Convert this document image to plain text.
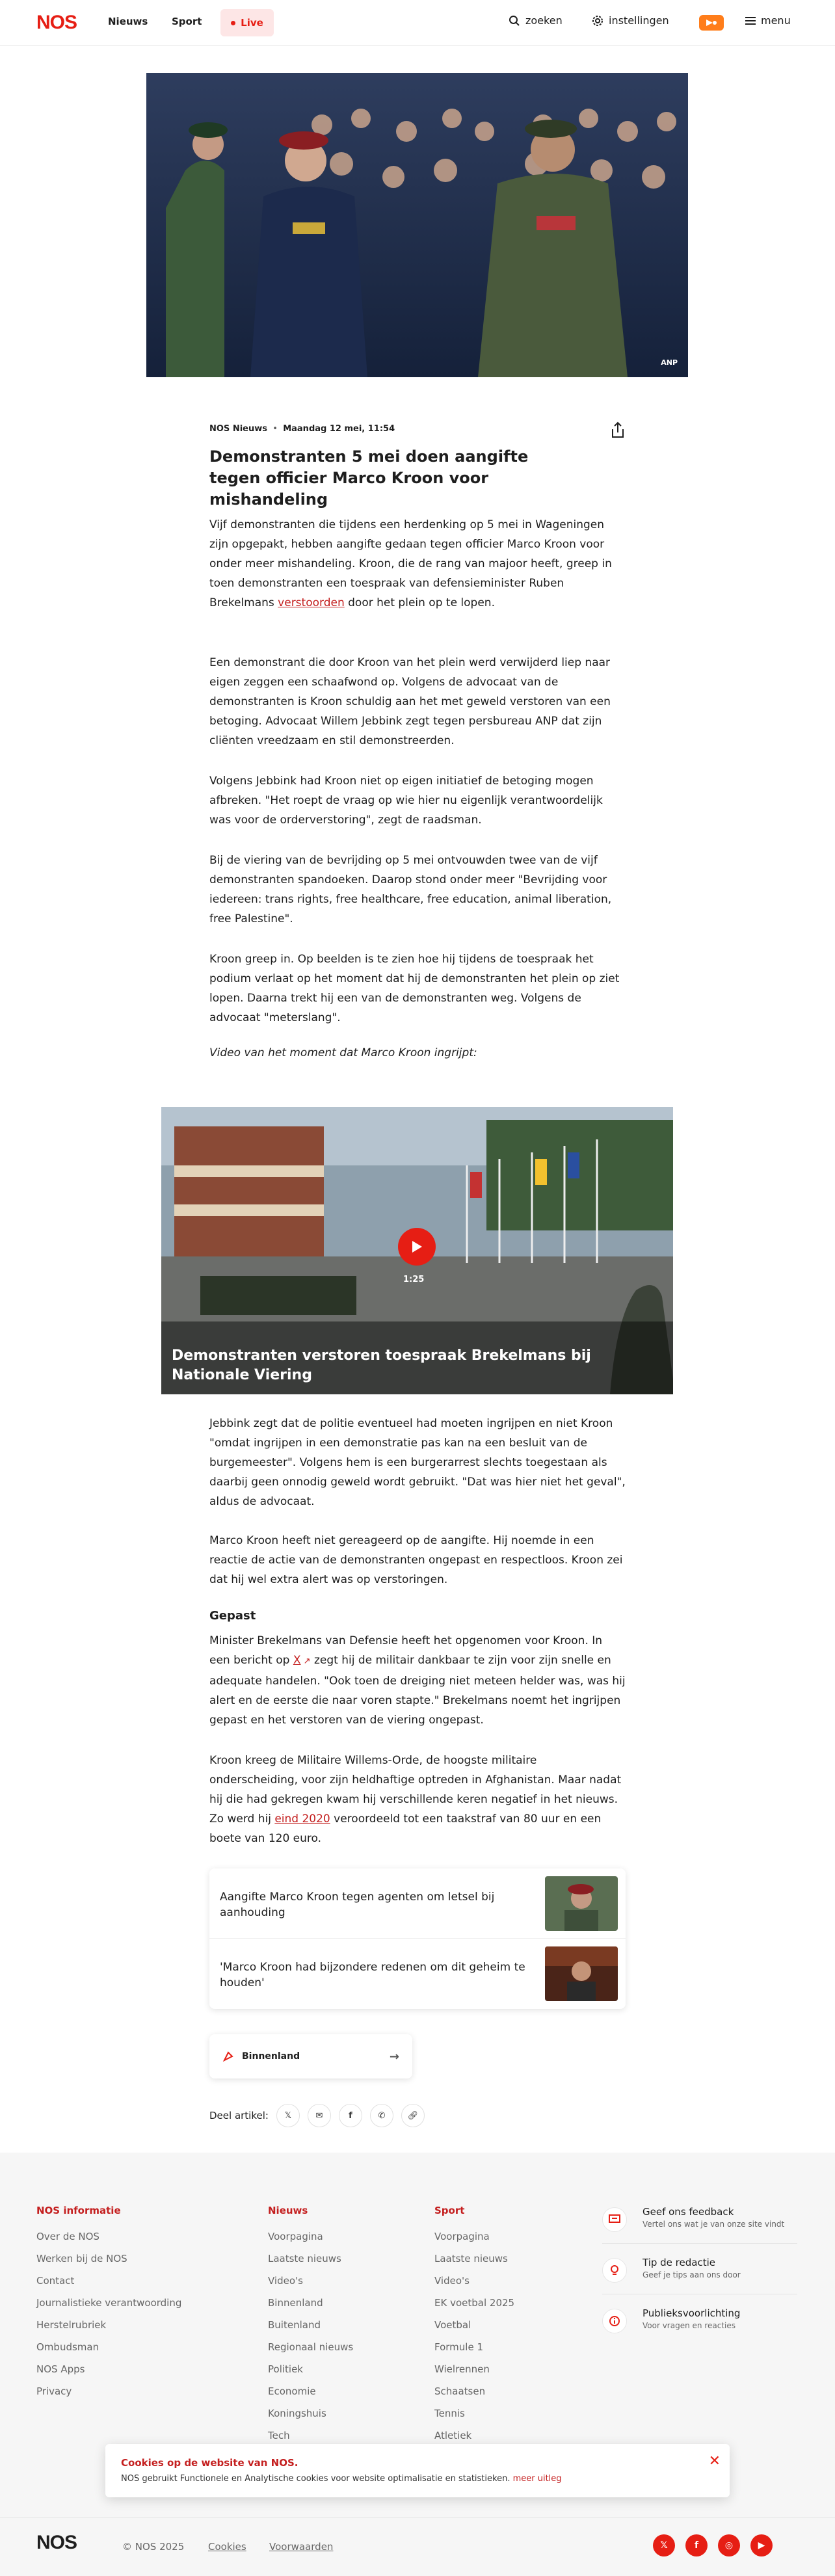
NOS	Nieuws Sport	Live	zoeken	instellingen	menu
ANP
NOS Nieuws  •  Maandag 12 mei, 11:54
Demonstranten 5 mei doen aangifte tegen officier Marco Kroon voor mishandeling
Vijf demonstranten die tijdens een herdenking op 5 mei in Wageningen zijn opgepakt, hebben aangifte gedaan tegen officier Marco Kroon voor onder meer mishandeling. Kroon, die de rang van majoor heeft, greep in toen demonstranten een toespraak van defensieminister Ruben Brekelmans verstoorden door het plein op te lopen.
Een demonstrant die door Kroon van het plein werd verwijderd liep naar eigen zeggen een schaafwond op. Volgens de advocaat van de demonstranten is Kroon schuldig aan het met geweld verstoren van een betoging. Advocaat Willem Jebbink zegt tegen persbureau ANP dat zijn cliënten vreedzaam en stil demonstreerden.
Volgens Jebbink had Kroon niet op eigen initiatief de betoging mogen afbreken. "Het roept de vraag op wie hier nu eigenlijk verantwoordelijk was voor de orderverstoring", zegt de raadsman.
Bij de viering van de bevrijding op 5 mei ontvouwden twee van de vijf demonstranten spandoeken. Daarop stond onder meer "Bevrijding voor iedereen: trans rights, free healthcare, free education, animal liberation, free Palestine".
Kroon greep in. Op beelden is te zien hoe hij tijdens de toespraak het podium verlaat op het moment dat hij de demonstranten het plein op ziet lopen. Daarna trekt hij een van de demonstranten weg. Volgens de advocaat "meterslang".
Video van het moment dat Marco Kroon ingrijpt:
1:25
Demonstranten verstoren toespraak Brekelmans bij Nationale Viering
Jebbink zegt dat de politie eventueel had moeten ingrijpen en niet Kroon "omdat ingrijpen in een demonstratie pas kan na een besluit van de burgemeester". Volgens hem is een burgerarrest slechts toegestaan als daarbij geen onnodig geweld wordt gebruikt. "Dat was hier niet het geval", aldus de advocaat.
Marco Kroon heeft niet gereageerd op de aangifte. Hij noemde in een reactie de actie van de demonstranten ongepast en respectloos. Kroon zei dat hij wel extra alert was op verstoringen.
Gepast
Minister Brekelmans van Defensie heeft het opgenomen voor Kroon. In een bericht op X ↗ zegt hij de militair dankbaar te zijn voor zijn snelle en adequate handelen. "Ook toen de dreiging niet meteen helder was, was hij alert en de eerste die naar voren stapte." Brekelmans noemt het ingrijpen gepast en het verstoren van de viering ongepast.
Kroon kreeg de Militaire Willems-Orde, de hoogste militaire onderscheiding, voor zijn heldhaftige optreden in Afghanistan. Maar nadat hij die had gekregen kwam hij verschillende keren negatief in het nieuws. Zo werd hij eind 2020 veroordeeld tot een taakstraf van 80 uur en een boete van 120 euro.
Aangifte Marco Kroon tegen agenten om letsel bij aanhouding
'Marco Kroon had bijzondere redenen om dit geheim te houden'
Binnenland	→
Deel artikel: 𝕏	✉	f	✆	🔗︎
NOS informatie
Over de NOS
Werken bij de NOS
Contact
Journalistieke verantwoording
Herstelrubriek
Ombudsman
NOS Apps
Privacy
Nieuws
Voorpagina
Laatste nieuws
Video's
Binnenland
Buitenland
Regionaal nieuws
Politiek
Economie
Koningshuis
Tech
Sport
Voorpagina
Laatste nieuws
Video's
EK voetbal 2025
Voetbal
Formule 1
Wielrennen
Schaatsen
Tennis
Atletiek
Geef ons feedback
Vertel ons wat je van onze site vindt
Tip de redactie
Geef je tips aan ons door
Publieksvoorlichting
Voor vragen en reacties
Cookies op de website van NOS.
NOS gebruikt Functionele en Analytische cookies voor website optimalisatie en statistieken. meer uitleg
✕
NOS	© NOS 2025 Cookies Voorwaarden	𝕏	f	◎	▶
